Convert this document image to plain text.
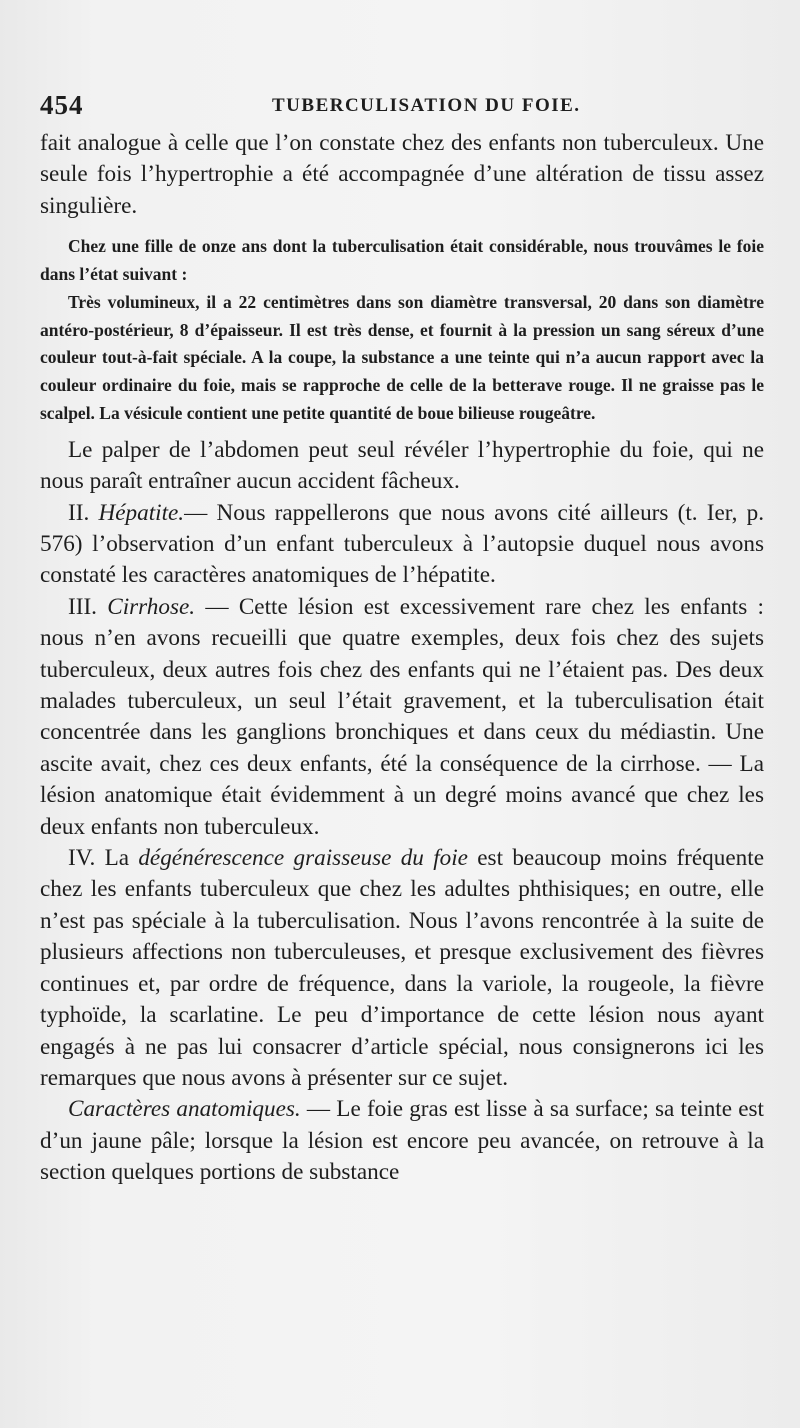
454	TUBERCULISATION DU FOIE.

fait analogue à celle que l’on constate chez des enfants non tuberculeux. Une seule fois l’hypertrophie a été accompagnée d’une altération de tissu assez singulière.

Chez une fille de onze ans dont la tuberculisation était considérable, nous trouvâmes le foie dans l’état suivant :

Très volumineux, il a 22 centimètres dans son diamètre transversal, 20 dans son diamètre antéro-postérieur, 8 d’épaisseur. Il est très dense, et fournit à la pression un sang séreux d’une couleur tout-à-fait spéciale. A la coupe, la substance a une teinte qui n’a aucun rapport avec la couleur ordinaire du foie, mais se rapproche de celle de la betterave rouge. Il ne graisse pas le scalpel. La vésicule contient une petite quantité de boue bilieuse rougeâtre.

Le palper de l’abdomen peut seul révéler l’hypertrophie du foie, qui ne nous paraît entraîner aucun accident fâcheux.

II. Hépatite.— Nous rappellerons que nous avons cité ailleurs (t. Ier, p. 576) l’observation d’un enfant tuberculeux à l’autopsie duquel nous avons constaté les caractères anatomiques de l’hépatite.

III. Cirrhose. — Cette lésion est excessivement rare chez les enfants : nous n’en avons recueilli que quatre exemples, deux fois chez des sujets tuberculeux, deux autres fois chez des enfants qui ne l’étaient pas. Des deux malades tuberculeux, un seul l’était gravement, et la tuberculisation était concentrée dans les ganglions bronchiques et dans ceux du médiastin. Une ascite avait, chez ces deux enfants, été la conséquence de la cirrhose. — La lésion anatomique était évidemment à un degré moins avancé que chez les deux enfants non tuberculeux.

IV. La dégénérescence graisseuse du foie est beaucoup moins fréquente chez les enfants tuberculeux que chez les adultes phthisiques; en outre, elle n’est pas spéciale à la tuberculisation. Nous l’avons rencontrée à la suite de plusieurs affections non tuberculeuses, et presque exclusivement des fièvres continues et, par ordre de fréquence, dans la variole, la rougeole, la fièvre typhoïde, la scarlatine. Le peu d’importance de cette lésion nous ayant engagés à ne pas lui consacrer d’article spécial, nous consignerons ici les remarques que nous avons à présenter sur ce sujet.

Caractères anatomiques. — Le foie gras est lisse à sa surface; sa teinte est d’un jaune pâle; lorsque la lésion est encore peu avancée, on retrouve à la section quelques portions de substance
